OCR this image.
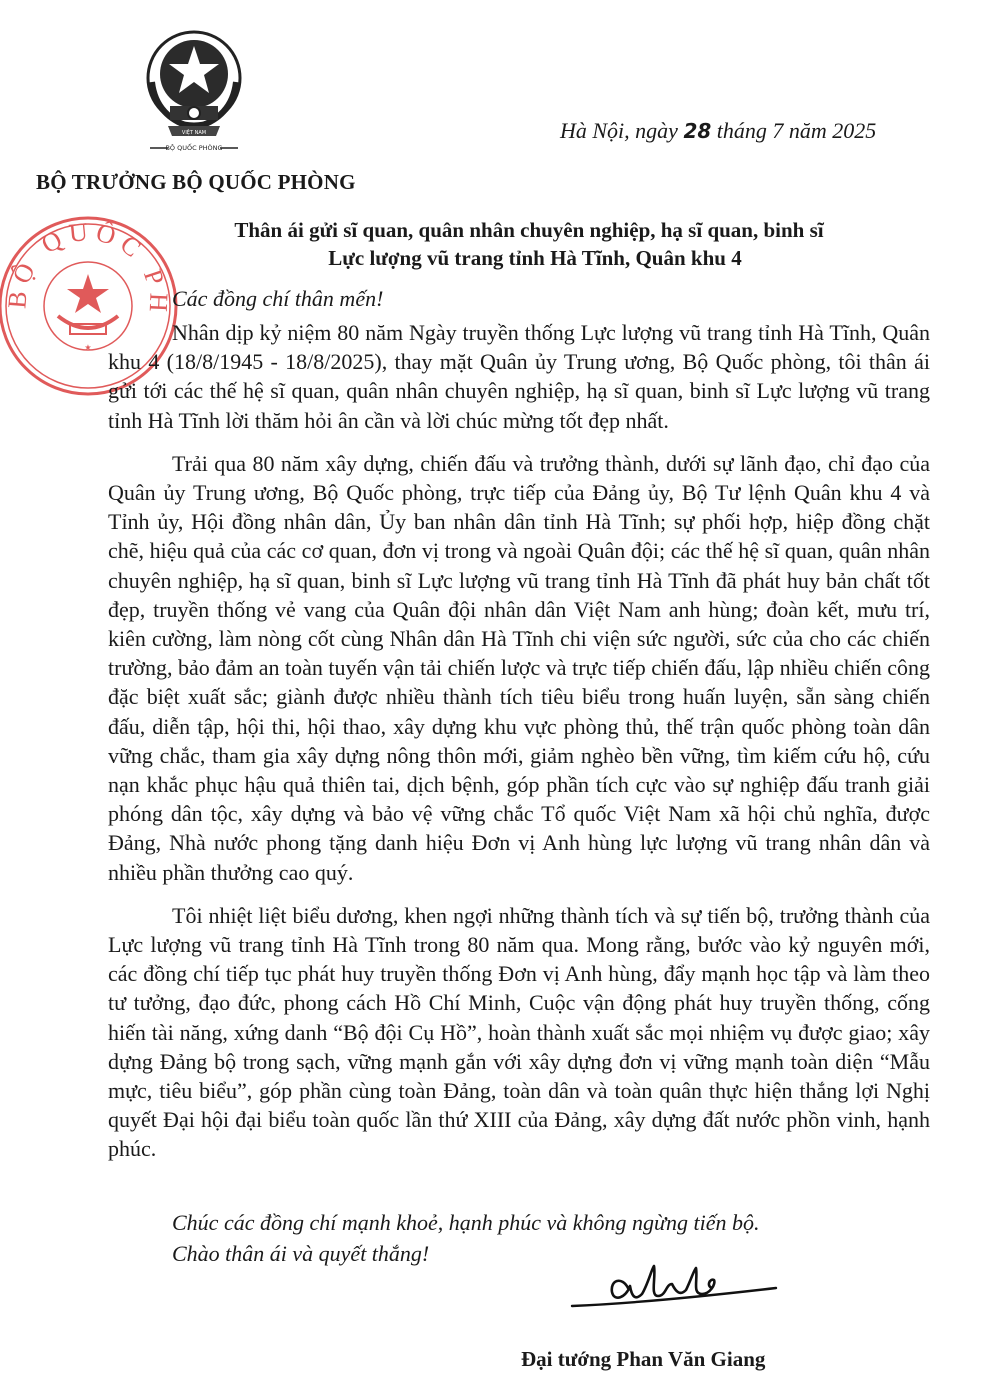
VIỆT NAM
BỘ QUỐC PHÒNG
Hà Nội, ngày 28 tháng 7 năm 2025
BỘ TRƯỞNG BỘ QUỐC PHÒNG
BỘ QUỐC PH
★
Thân ái gửi sĩ quan, quân nhân chuyên nghiệp, hạ sĩ quan, binh sĩ
Lực lượng vũ trang tỉnh Hà Tĩnh, Quân khu 4
Các đồng chí thân mến!

Nhân dịp kỷ niệm 80 năm Ngày truyền thống Lực lượng vũ trang tỉnh Hà Tĩnh, Quân khu 4 (18/8/1945 - 18/8/2025), thay mặt Quân ủy Trung ương, Bộ Quốc phòng, tôi thân ái gửi tới các thế hệ sĩ quan, quân nhân chuyên nghiệp, hạ sĩ quan, binh sĩ Lực lượng vũ trang tỉnh Hà Tĩnh lời thăm hỏi ân cần và lời chúc mừng tốt đẹp nhất.

Trải qua 80 năm xây dựng, chiến đấu và trưởng thành, dưới sự lãnh đạo, chỉ đạo của Quân ủy Trung ương, Bộ Quốc phòng, trực tiếp của Đảng ủy, Bộ Tư lệnh Quân khu 4 và Tỉnh ủy, Hội đồng nhân dân, Ủy ban nhân dân tỉnh Hà Tĩnh; sự phối hợp, hiệp đồng chặt chẽ, hiệu quả của các cơ quan, đơn vị trong và ngoài Quân đội; các thế hệ sĩ quan, quân nhân chuyên nghiệp, hạ sĩ quan, binh sĩ Lực lượng vũ trang tỉnh Hà Tĩnh đã phát huy bản chất tốt đẹp, truyền thống vẻ vang của Quân đội nhân dân Việt Nam anh hùng; đoàn kết, mưu trí, kiên cường, làm nòng cốt cùng Nhân dân Hà Tĩnh chi viện sức người, sức của cho các chiến trường, bảo đảm an toàn tuyến vận tải chiến lược và trực tiếp chiến đấu, lập nhiều chiến công đặc biệt xuất sắc; giành được nhiều thành tích tiêu biểu trong huấn luyện, sẵn sàng chiến đấu, diễn tập, hội thi, hội thao, xây dựng khu vực phòng thủ, thế trận quốc phòng toàn dân vững chắc, tham gia xây dựng nông thôn mới, giảm nghèo bền vững, tìm kiếm cứu hộ, cứu nạn khắc phục hậu quả thiên tai, dịch bệnh, góp phần tích cực vào sự nghiệp đấu tranh giải phóng dân tộc, xây dựng và bảo vệ vững chắc Tổ quốc Việt Nam xã hội chủ nghĩa, được Đảng, Nhà nước phong tặng danh hiệu Đơn vị Anh hùng lực lượng vũ trang nhân dân và nhiều phần thưởng cao quý.

Tôi nhiệt liệt biểu dương, khen ngợi những thành tích và sự tiến bộ, trưởng thành của Lực lượng vũ trang tỉnh Hà Tĩnh trong 80 năm qua. Mong rằng, bước vào kỷ nguyên mới, các đồng chí tiếp tục phát huy truyền thống Đơn vị Anh hùng, đẩy mạnh học tập và làm theo tư tưởng, đạo đức, phong cách Hồ Chí Minh, Cuộc vận động phát huy truyền thống, cống hiến tài năng, xứng danh “Bộ đội Cụ Hồ”, hoàn thành xuất sắc mọi nhiệm vụ được giao; xây dựng Đảng bộ trong sạch, vững mạnh gắn với xây dựng đơn vị vững mạnh toàn diện “Mẫu mực, tiêu biểu”, góp phần cùng toàn Đảng, toàn dân và toàn quân thực hiện thắng lợi Nghị quyết Đại hội đại biểu toàn quốc lần thứ XIII của Đảng, xây dựng đất nước phồn vinh, hạnh phúc.

Chúc các đồng chí mạnh khoẻ, hạnh phúc và không ngừng tiến bộ.
Chào thân ái và quyết thắng!
Đại tướng Phan Văn Giang
